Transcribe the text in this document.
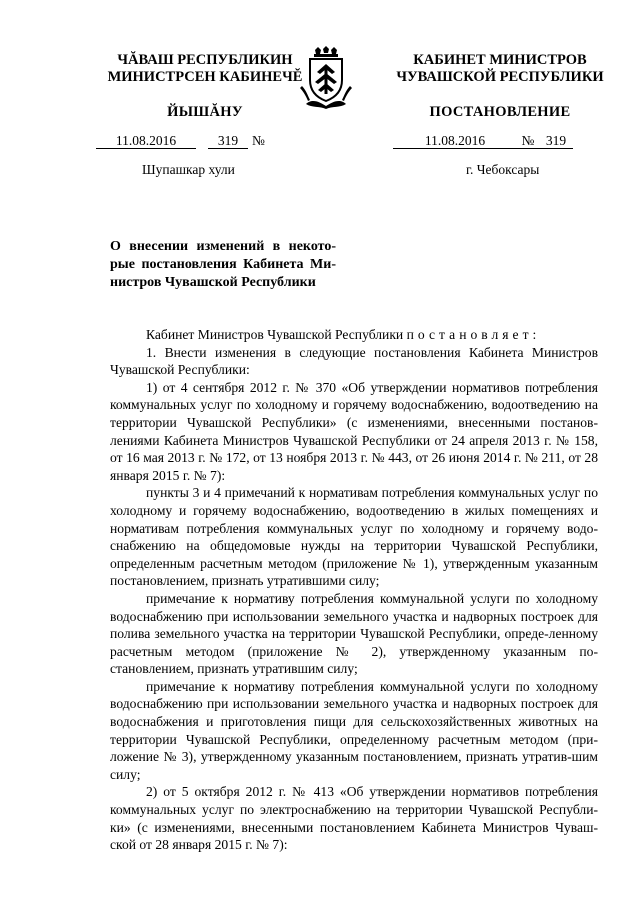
ЧĂВАШ РЕСПУБЛИКИН
МИНИСТРСЕН КАБИНЕЧĔ
ЙЫШĂНУ
КАБИНЕТ МИНИСТРОВ
ЧУВАШСКОЙ РЕСПУБЛИКИ
ПОСТАНОВЛЕНИЕ
11.08.2016	319 №	11.08.2016	№ 319
Шупашкар хули	г. Чебоксары
О внесении изменений в некото-рые постановления Кабинета Ми-нистров Чувашской Республики

Кабинет Министров Чувашской Республики постановляет:

1. Внести изменения в следующие постановления Кабинета Министров Чувашской Республики:

1) от 4 сентября 2012 г. № 370 «Об утверждении нормативов потребления коммунальных услуг по холодному и горячему водоснабжению, водоотведению на территории Чувашской Республики» (с изменениями, внесенными постанов-лениями Кабинета Министров Чувашской Республики от 24 апреля 2013 г. № 158, от 16 мая 2013 г. № 172, от 13 ноября 2013 г. № 443, от 26 июня 2014 г. № 211, от 28 января 2015 г. № 7):

пункты 3 и 4 примечаний к нормативам потребления коммунальных услуг по холодному и горячему водоснабжению, водоотведению в жилых помещениях и нормативам потребления коммунальных услуг по холодному и горячему водо-снабжению на общедомовые нужды на территории Чувашской Республики, определенным расчетным методом (приложение № 1), утвержденным указанным постановлением, признать утратившими силу;

примечание к нормативу потребления коммунальной услуги по холодному водоснабжению при использовании земельного участка и надворных построек для полива земельного участка на территории Чувашской Республики, опреде-ленному расчетным методом (приложение № 2), утвержденному указанным по-становлением, признать утратившим силу;

примечание к нормативу потребления коммунальной услуги по холодному водоснабжению при использовании земельного участка и надворных построек для водоснабжения и приготовления пищи для сельскохозяйственных животных на территории Чувашской Республики, определенному расчетным методом (при-ложение № 3), утвержденному указанным постановлением, признать утратив-шим силу;

2) от 5 октября 2012 г. № 413 «Об утверждении нормативов потребления коммунальных услуг по электроснабжению на территории Чувашской Республи-ки» (с изменениями, внесенными постановлением Кабинета Министров Чуваш-ской от 28 января 2015 г. № 7):
